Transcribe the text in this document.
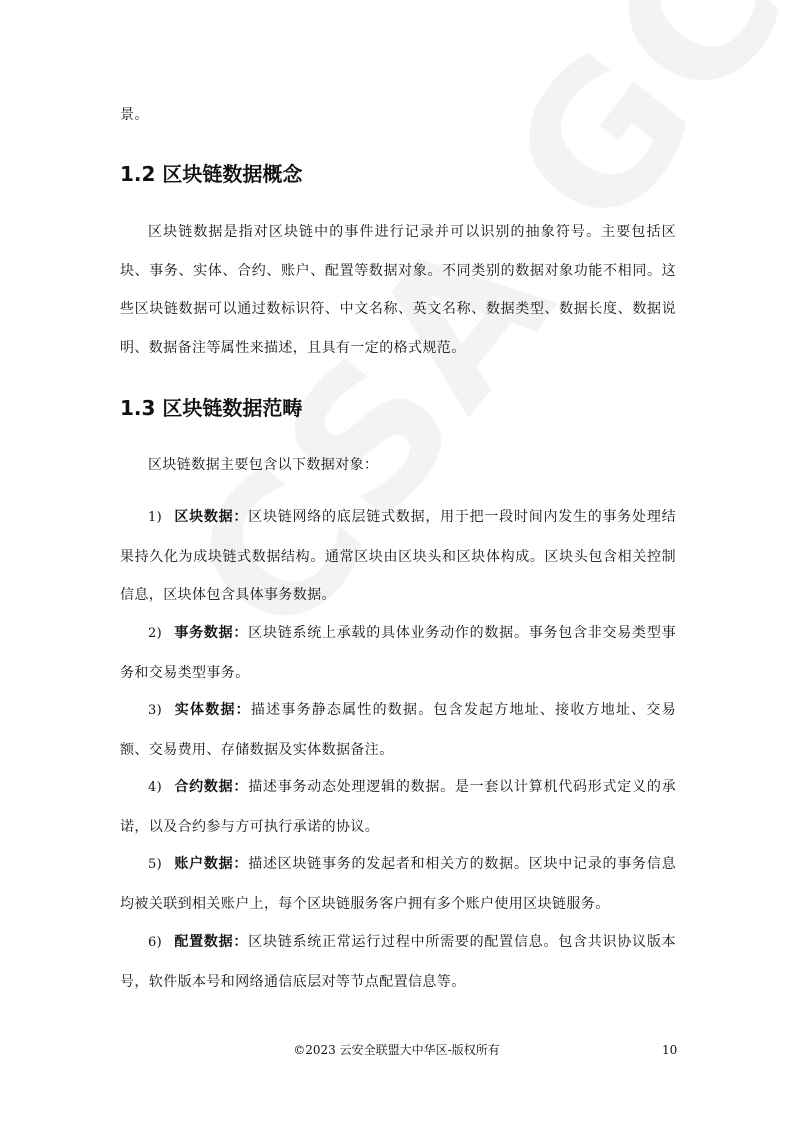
景。

1.2 区块链数据概念

区块链数据是指对区块链中的事件进行记录并可以识别的抽象符号。主要包括区块、事务、实体、合约、账户、配置等数据对象。不同类别的数据对象功能不相同。这些区块链数据可以通过数标识符、中文名称、英文名称、数据类型、数据长度、数据说明、数据备注等属性来描述，且具有一定的格式规范。

1.3 区块链数据范畴

区块链数据主要包含以下数据对象：

1) 区块数据：区块链网络的底层链式数据，用于把一段时间内发生的事务处理结果持久化为成块链式数据结构。通常区块由区块头和区块体构成。区块头包含相关控制信息，区块体包含具体事务数据。

2) 事务数据：区块链系统上承载的具体业务动作的数据。事务包含非交易类型事务和交易类型事务。

3) 实体数据：描述事务静态属性的数据。包含发起方地址、接收方地址、交易额、交易费用、存储数据及实体数据备注。

4) 合约数据：描述事务动态处理逻辑的数据。是一套以计算机代码形式定义的承诺，以及合约参与方可执行承诺的协议。

5) 账户数据：描述区块链事务的发起者和相关方的数据。区块中记录的事务信息均被关联到相关账户上，每个区块链服务客户拥有多个账户使用区块链服务。

6) 配置数据：区块链系统正常运行过程中所需要的配置信息。包含共识协议版本号，软件版本号和网络通信底层对等节点配置信息等。

©2023 云安全联盟大中华区-版权所有	10
